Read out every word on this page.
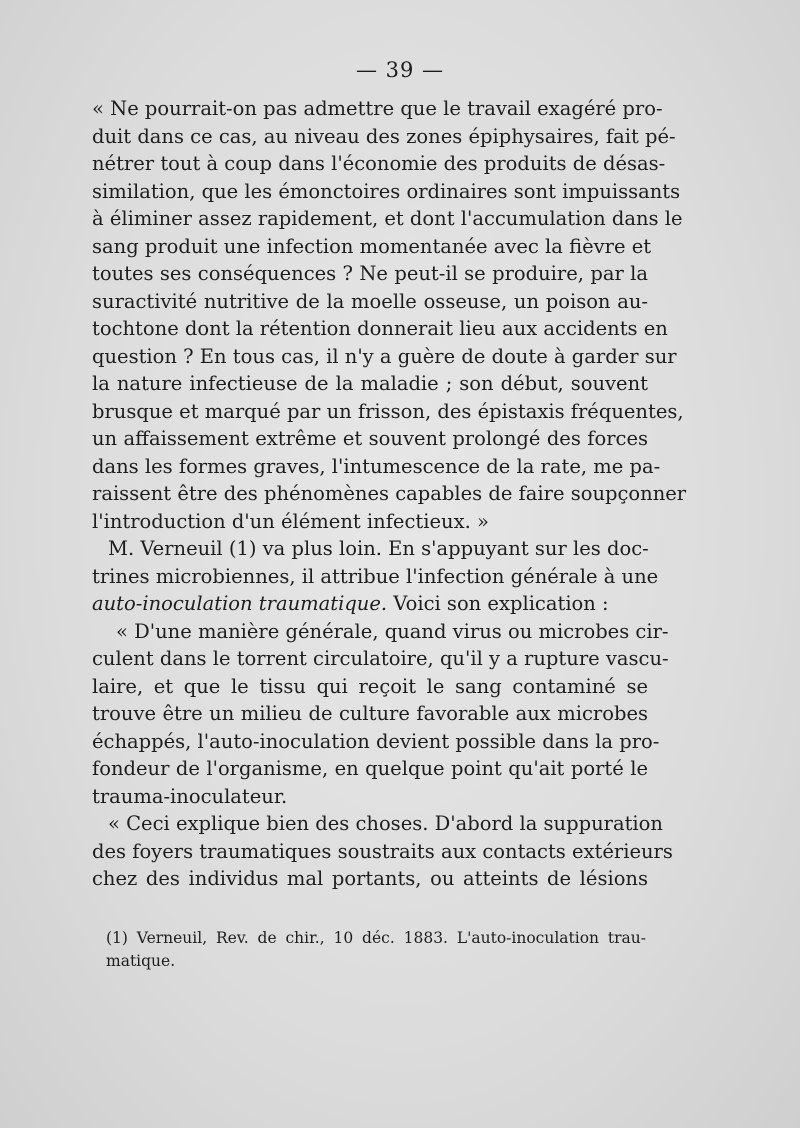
— 39 —
« Ne pourrait-on pas admettre que le travail exagéré pro-
duit dans ce cas, au niveau des zones épiphysaires, fait pé-
nétrer tout à coup dans l'économie des produits de désas-
similation, que les émonctoires ordinaires sont impuissants
à éliminer assez rapidement, et dont l'accumulation dans le
sang produit une infection momentanée avec la fièvre et
toutes ses conséquences ? Ne peut-il se produire, par la
suractivité nutritive de la moelle osseuse, un poison au-
tochtone dont la rétention donnerait lieu aux accidents en
question ? En tous cas, il n'y a guère de doute à garder sur
la nature infectieuse de la maladie ; son début, souvent
brusque et marqué par un frisson, des épistaxis fréquentes,
un affaissement extrême et souvent prolongé des forces
dans les formes graves, l'intumescence de la rate, me pa-
raissent être des phénomènes capables de faire soupçonner
l'introduction d'un élément infectieux. »
M. Verneuil (1) va plus loin. En s'appuyant sur les doc-
trines microbiennes, il attribue l'infection générale à une
auto-inoculation traumatique. Voici son explication :
« D'une manière générale, quand virus ou microbes cir-
culent dans le torrent circulatoire, qu'il y a rupture vascu-
laire, et que le tissu qui reçoit le sang contaminé se
trouve être un milieu de culture favorable aux microbes
échappés, l'auto-inoculation devient possible dans la pro-
fondeur de l'organisme, en quelque point qu'ait porté le
trauma-inoculateur.
« Ceci explique bien des choses. D'abord la suppuration
des foyers traumatiques soustraits aux contacts extérieurs
chez des individus mal portants, ou atteints de lésions
(1) Verneuil, Rev. de chir., 10 déc. 1883. L'auto-inoculation trau-
matique.
